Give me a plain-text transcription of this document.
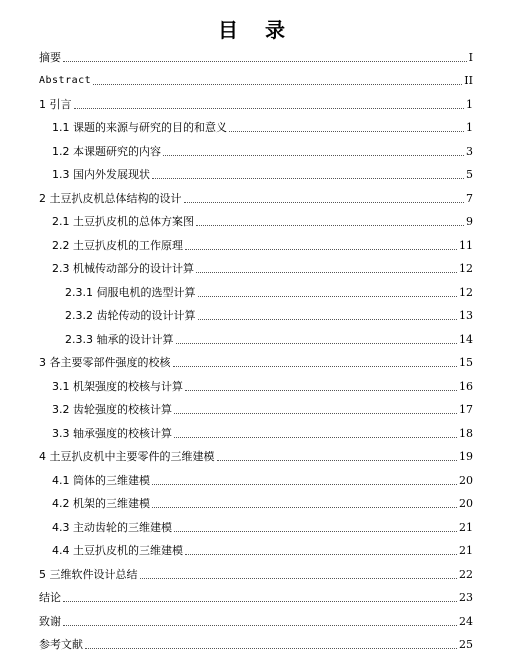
目 录
摘要	I
Abstract	II
1 引言	1
1.1 课题的来源与研究的目的和意义	1
1.2 本课题研究的内容	3
1.3 国内外发展现状	5
2 土豆扒皮机总体结构的设计	7
2.1 土豆扒皮机的总体方案图	9
2.2 土豆扒皮机的工作原理	11
2.3 机械传动部分的设计计算	12
2.3.1 伺服电机的选型计算	12
2.3.2 齿轮传动的设计计算	13
2.3.3 轴承的设计计算	14
3 各主要零部件强度的校核	15
3.1 机架强度的校核与计算	16
3.2 齿轮强度的校核计算	17
3.3 轴承强度的校核计算	18
4 土豆扒皮机中主要零件的三维建模	19
4.1 筒体的三维建模	20
4.2 机架的三维建模	20
4.3 主动齿轮的三维建模	21
4.4 土豆扒皮机的三维建模	21
5 三维软件设计总结	22
结论	23
致谢	24
参考文献	25
